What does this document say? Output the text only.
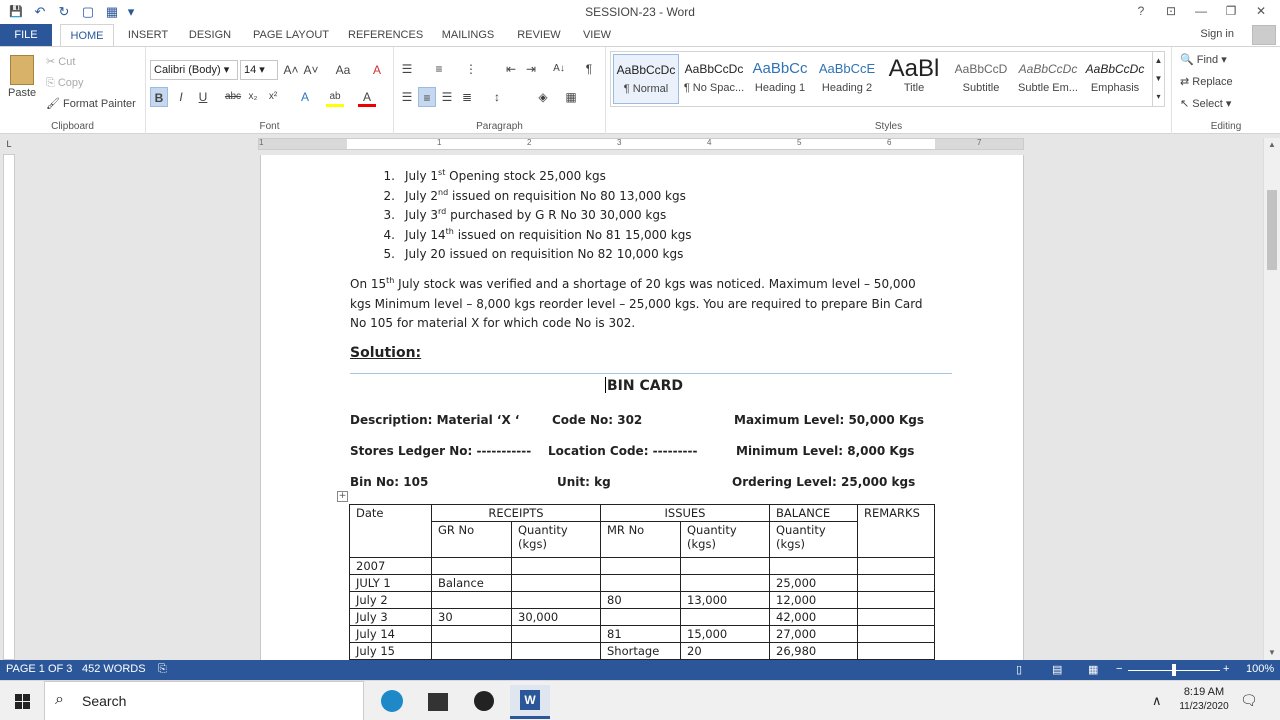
💾 ↶	↻ ▢ ▦ ▾	SESSION-23 - Word	?	⊡	—	❐	✕
FILE	HOME	INSERT DESIGN PAGE LAYOUT REFERENCES	MAILINGS	REVIEW VIEW	Sign in
Paste
✂ Cut
⎘ Copy
🖌 Format Painter
Clipboard
Calibri (Body) ▾	14 ▾	A˄ A˅	Aa	A
B	I	U	abc x₂	x²	A	ab	A
Font
☰	≡	⋮	⇤ ⇥	A↓	¶
☰ ≡ ☰ ≣	↕	◈	▦
Paragraph	Styles
AaBbCcDc
¶ Normal
AaBbCcDc
¶ No Spac...
AaBbCc
Heading 1
AaBbCcE
Heading 2
AaBl
Title
AaBbCcD
Subtitle
AaBbCcDc
Subtle Em...
AaBbCcDc
Emphasis
▲
▼
▾
Editing
🔍 Find ▾
⇄ Replace
↖ Select ▾
L	1	1	2	3	4	5	6	7
1. July 1st Opening stock 25,000 kgs
2. July 2nd issued on requisition No 80 13,000 kgs
3. July 3rd purchased by G R No 30 30,000 kgs
4. July 14th issued on requisition No 81 15,000 kgs
5. July 20 issued on requisition No 82 10,000 kgs
On 15th July stock was verified and a shortage of 20 kgs was noticed. Maximum level – 50,000
kgs Minimum level – 8,000 kgs reorder level – 25,000 kgs. You are required to prepare Bin Card
No 105 for material X for which code No is 302.
Solution:
BIN CARD
Description: Material ‘X ‘	Code No: 302	Maximum Level: 50,000 Kgs
Stores Ledger No: ----------- Location Code: ---------	Minimum Level: 8,000 Kgs
Bin No: 105	Unit: kg	Ordering Level: 25,000 kgs
+
Date	RECEIPTS		ISSUES		BALANCE	REMARKS
	GR No	Quantity
(kgs)	MR No	Quantity
(kgs)	Quantity
(kgs)	
2007						
JULY 1	Balance				25,000	
July 2			80	13,000	12,000	
July 3	30	30,000			42,000	
July 14			81	15,000	27,000	
July 15			Shortage	20	26,980	
▲
▼
PAGE 1 OF 3 452 WORDS ⎘	▯	▤ ▦ −	+ 100%
⌕ Search	W	∧
8:19 AM
11/23/2020 🗨
